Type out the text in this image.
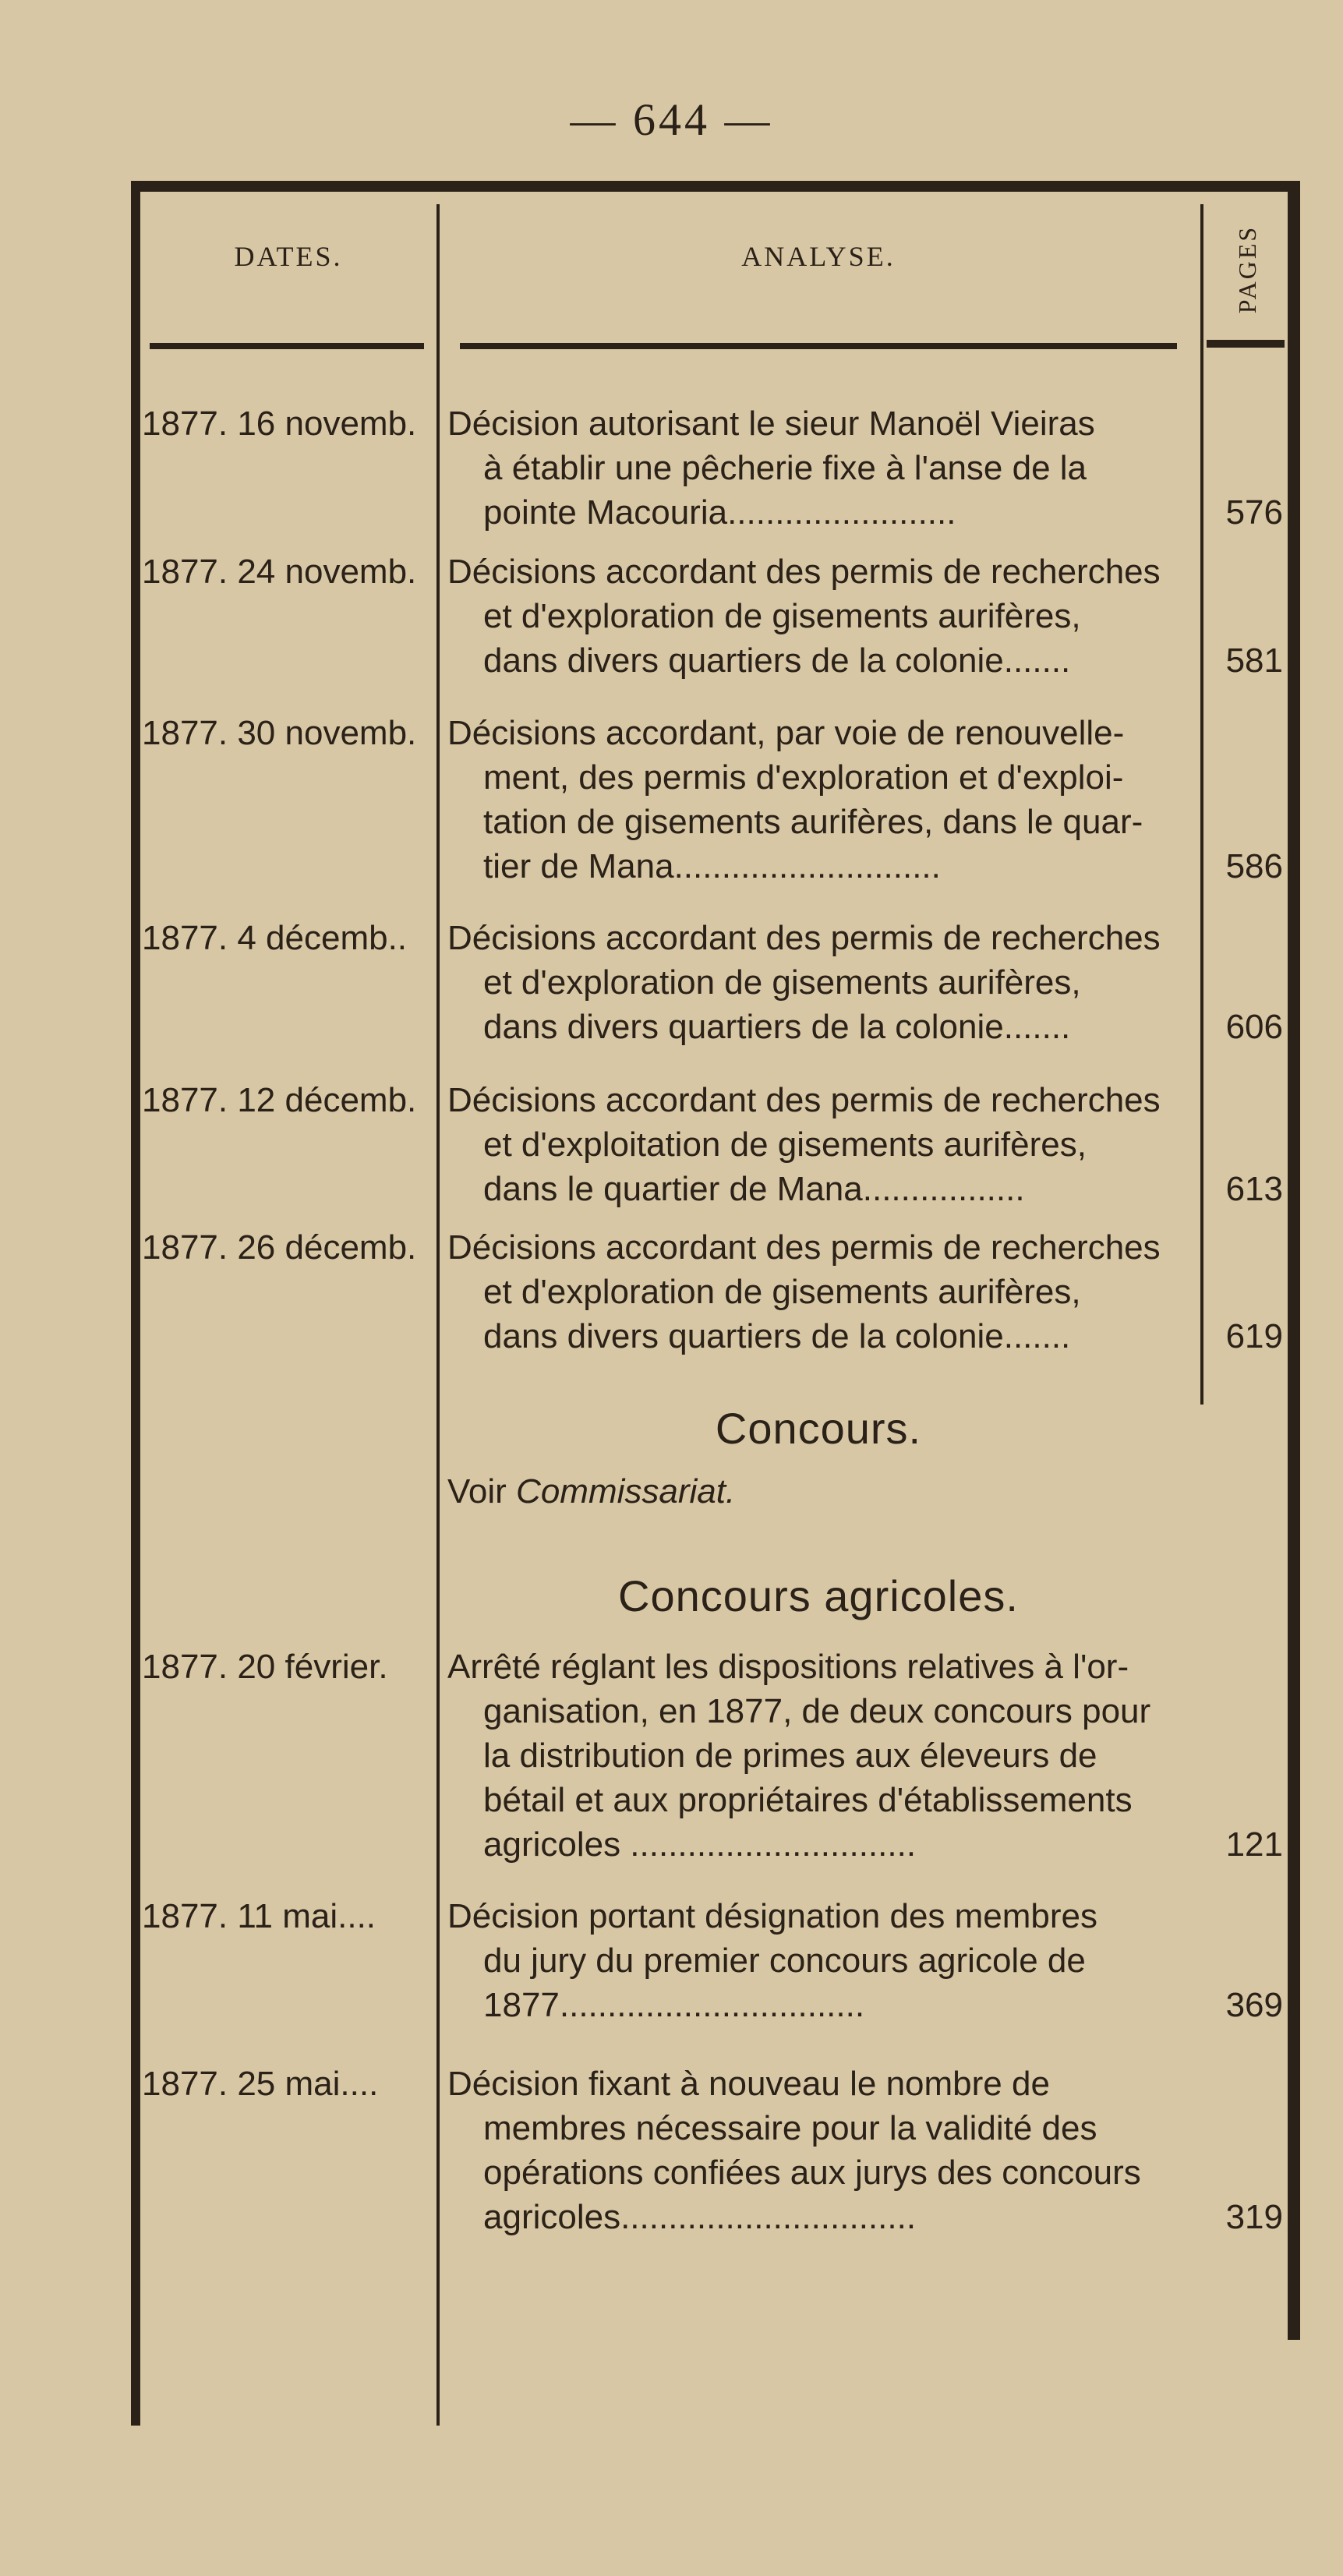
— 644 —
DATES.	ANALYSE.	PAGES
1877. 16 novemb. Décision autorisant le sieur Manoël Vieiras
à établir une pêcherie fixe à l'anse de la
pointe Macouria........................	576
1877. 24 novemb. Décisions accordant des permis de recherches
et d'exploration de gisements aurifères,
dans divers quartiers de la colonie.......	581
1877. 30 novemb. Décisions accordant, par voie de renouvelle-
ment, des permis d'exploration et d'exploi-
tation de gisements aurifères, dans le quar-
tier de Mana............................	586
1877. 4 décemb..	Décisions accordant des permis de recherches
et d'exploration de gisements aurifères,
dans divers quartiers de la colonie.......	606
1877. 12 décemb. Décisions accordant des permis de recherches
et d'exploitation de gisements aurifères,
dans le quartier de Mana.................	613
1877. 26 décemb. Décisions accordant des permis de recherches
et d'exploration de gisements aurifères,
dans divers quartiers de la colonie.......	619
Concours.
Voir Commissariat.
Concours agricoles.
1877. 20 février.	Arrêté réglant les dispositions relatives à l'or-
ganisation, en 1877, de deux concours pour
la distribution de primes aux éleveurs de
bétail et aux propriétaires d'établissements
agricoles ..............................	121
1877. 11 mai....	Décision portant désignation des membres
du jury du premier concours agricole de
1877................................	369
1877. 25 mai....	Décision fixant à nouveau le nombre de
membres nécessaire pour la validité des
opérations confiées aux jurys des concours
agricoles...............................	319
